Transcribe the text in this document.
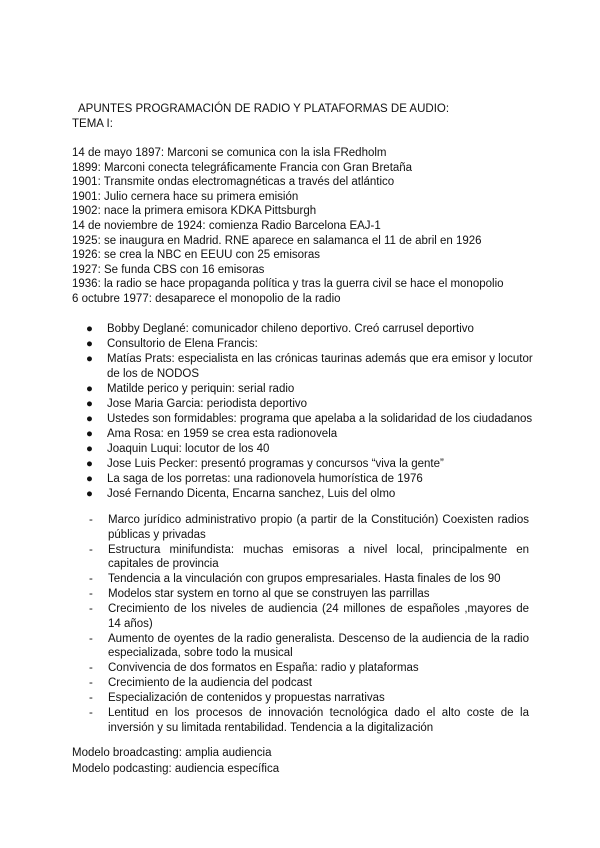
APUNTES PROGRAMACIÓN DE RADIO Y PLATAFORMAS DE AUDIO:
TEMA I:
14 de mayo 1897: Marconi se comunica con la isla FRedholm
1899: Marconi conecta telegráficamente Francia con Gran Bretaña
1901: Transmite ondas electromagnéticas a través del atlántico
1901: Julio cernera hace su primera emisión
1902: nace la primera emisora KDKA Pittsburgh
14 de noviembre de 1924: comienza Radio Barcelona EAJ-1
1925: se inaugura en Madrid. RNE aparece en salamanca el 11 de abril en 1926
1926: se crea la NBC en EEUU con 25 emisoras
1927: Se funda CBS con 16 emisoras
1936: la radio se hace propaganda política y tras la guerra civil se hace el monopolio
6 octubre 1977: desaparece el monopolio de la radio
● Bobby Deglané: comunicador chileno deportivo. Creó carrusel deportivo
● Consultorio de Elena Francis:
● Matías Prats: especialista en las crónicas taurinas además que era emisor y locutor de los de NODOS
● Matilde perico y periquin: serial radio
● Jose Maria Garcia: periodista deportivo
● Ustedes son formidables: programa que apelaba a la solidaridad de los ciudadanos
● Ama Rosa: en 1959 se crea esta radionovela
● Joaquin Luqui: locutor de los 40
● Jose Luis Pecker: presentó programas y concursos “viva la gente”
● La saga de los porretas: una radionovela humorística de 1976
● José Fernando Dicenta, Encarna sanchez, Luis del olmo
- Marco jurídico administrativo propio (a partir de la Constitución) Coexisten radios públicas y privadas
- Estructura minifundista: muchas emisoras a nivel local, principalmente en capitales de provincia
- Tendencia a la vinculación con grupos empresariales. Hasta finales de los 90
- Modelos star system en torno al que se construyen las parrillas
- Crecimiento de los niveles de audiencia (24 millones de españoles ,mayores de 14 años)
- Aumento de oyentes de la radio generalista. Descenso de la audiencia de la radio especializada, sobre todo la musical
- Convivencia de dos formatos en España: radio y plataformas
- Crecimiento de la audiencia del podcast
- Especialización de contenidos y propuestas narrativas
- Lentitud en los procesos de innovación tecnológica dado el alto coste de la inversión y su limitada rentabilidad. Tendencia a la digitalización
Modelo broadcasting: amplia audiencia
Modelo podcasting: audiencia específica
